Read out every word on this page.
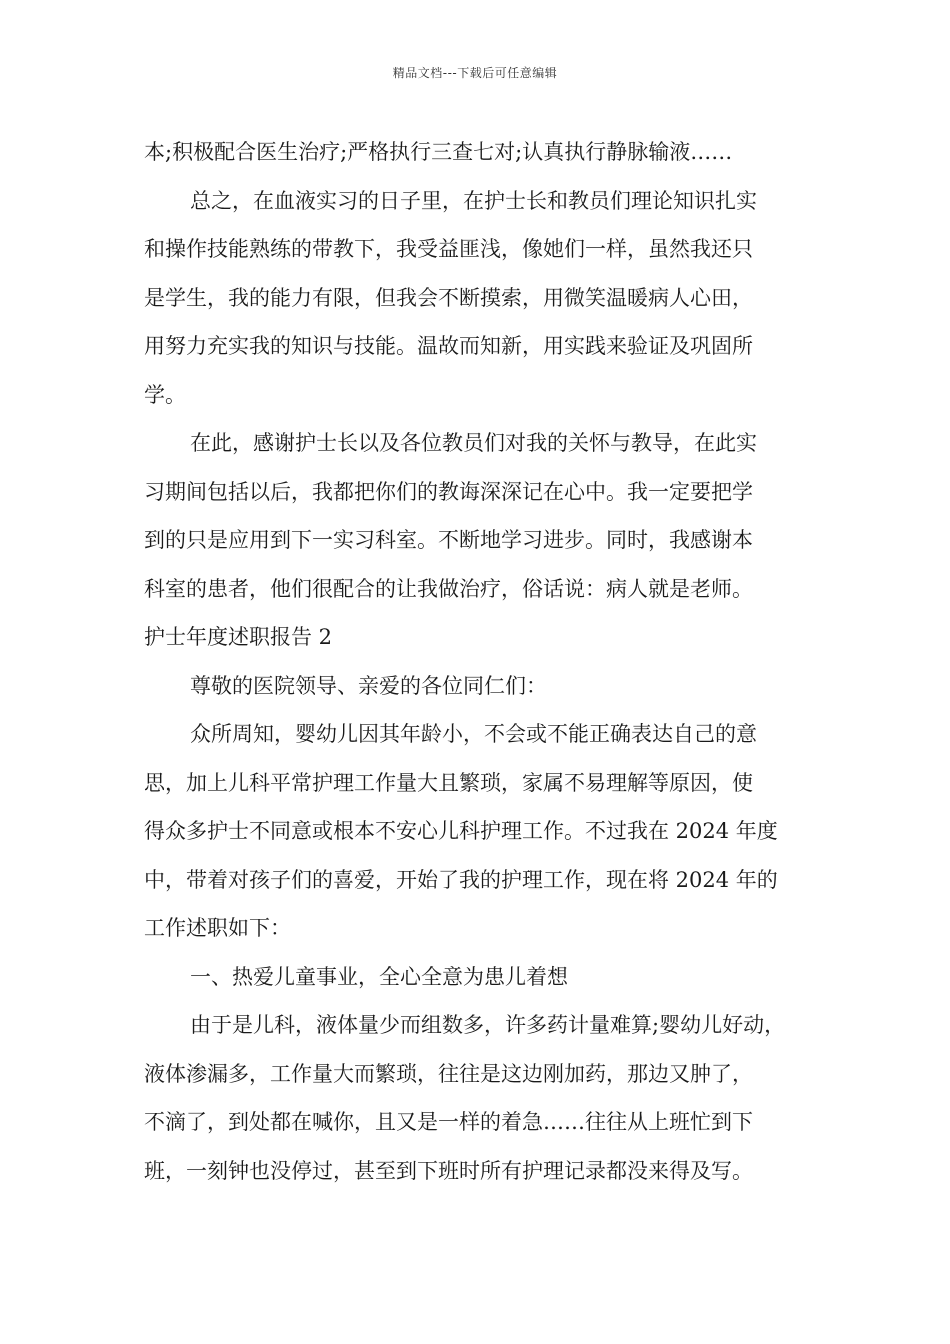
精品文档---下载后可任意编辑
本;积极配合医生治疗;严格执行三查七对;认真执行静脉输液……
总之，在血液实习的日子里，在护士长和教员们理论知识扎实
和操作技能熟练的带教下，我受益匪浅，像她们一样，虽然我还只
是学生，我的能力有限，但我会不断摸索，用微笑温暖病人心田，
用努力充实我的知识与技能。温故而知新，用实践来验证及巩固所
学。
在此，感谢护士长以及各位教员们对我的关怀与教导，在此实
习期间包括以后，我都把你们的教诲深深记在心中。我一定要把学
到的只是应用到下一实习科室。不断地学习进步。同时，我感谢本
科室的患者，他们很配合的让我做治疗，俗话说：病人就是老师。
护士年度述职报告 2
尊敬的医院领导、亲爱的各位同仁们：
众所周知，婴幼儿因其年龄小，不会或不能正确表达自己的意
思，加上儿科平常护理工作量大且繁琐，家属不易理解等原因，使
得众多护士不同意或根本不安心儿科护理工作。不过我在 2024 年度
中，带着对孩子们的喜爱，开始了我的护理工作，现在将 2024 年的
工作述职如下：
一、热爱儿童事业，全心全意为患儿着想
由于是儿科，液体量少而组数多，许多药计量难算;婴幼儿好动，
液体渗漏多，工作量大而繁琐，往往是这边刚加药，那边又肿了，
不滴了，到处都在喊你，且又是一样的着急……往往从上班忙到下
班，一刻钟也没停过，甚至到下班时所有护理记录都没来得及写。
